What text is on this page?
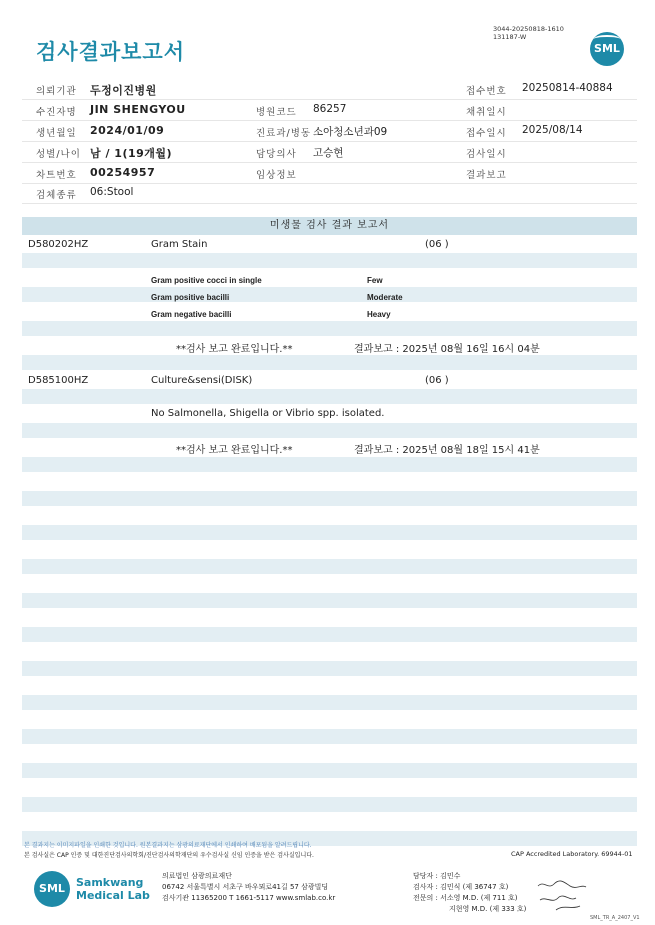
검사결과보고서
3044-20250818-1610
131187-W
SML
의뢰기관 두정이진병원	접수번호 20250814-40884
수진자명 JIN SHENGYOU	병원코드 86257	채취일시
생년월일 2024/01/09	진료과/병동 소아청소년과09	접수일시 2025/08/14
성별/나이 남 / 1(19개월)	담당의사 고승현	검사일시
차트번호 00254957	임상정보	결과보고
검체종류 06:Stool
미생물 검사 결과 보고서
D580202HZ	Gram Stain	(06 )
Gram positive cocci in single	Few
Gram positive bacilli	Moderate
Gram negative bacilli	Heavy
**검사 보고 완료입니다.**	결과보고 : 2025년 08월 16일 16시 04분
D585100HZ	Culture&sensi(DISK)	(06 )
No Salmonella, Shigella or Vibrio spp. isolated.
**검사 보고 완료입니다.**	결과보고 : 2025년 08월 18일 15시 41분
본 결과지는 이미지파일을 인쇄한 것입니다. 원본결과지는 삼광의료재단에서 인쇄하여 배포됨을 알려드립니다.
본 검사실은 CAP 인증 및 대한진단검사의학회/진단검사의학재단의 우수검사실 신임 인증을 받은 검사실입니다.	CAP Accredited Laboratory. 69944-01
SML	Samkwang
Medical Lab
의료법인 삼광의료재단
06742 서울특별시 서초구 바우뫼로41길 57 삼광빌딩
검사기관 11365200 T 1661-5117 www.smlab.co.kr
담당자 : 김민수
검사자 : 김민식 (제 36747 호)
전문의 : 서소영 M.D. (제 711 호)
지현영 M.D. (제 333 호)
SML_TR_A_2407_V1
